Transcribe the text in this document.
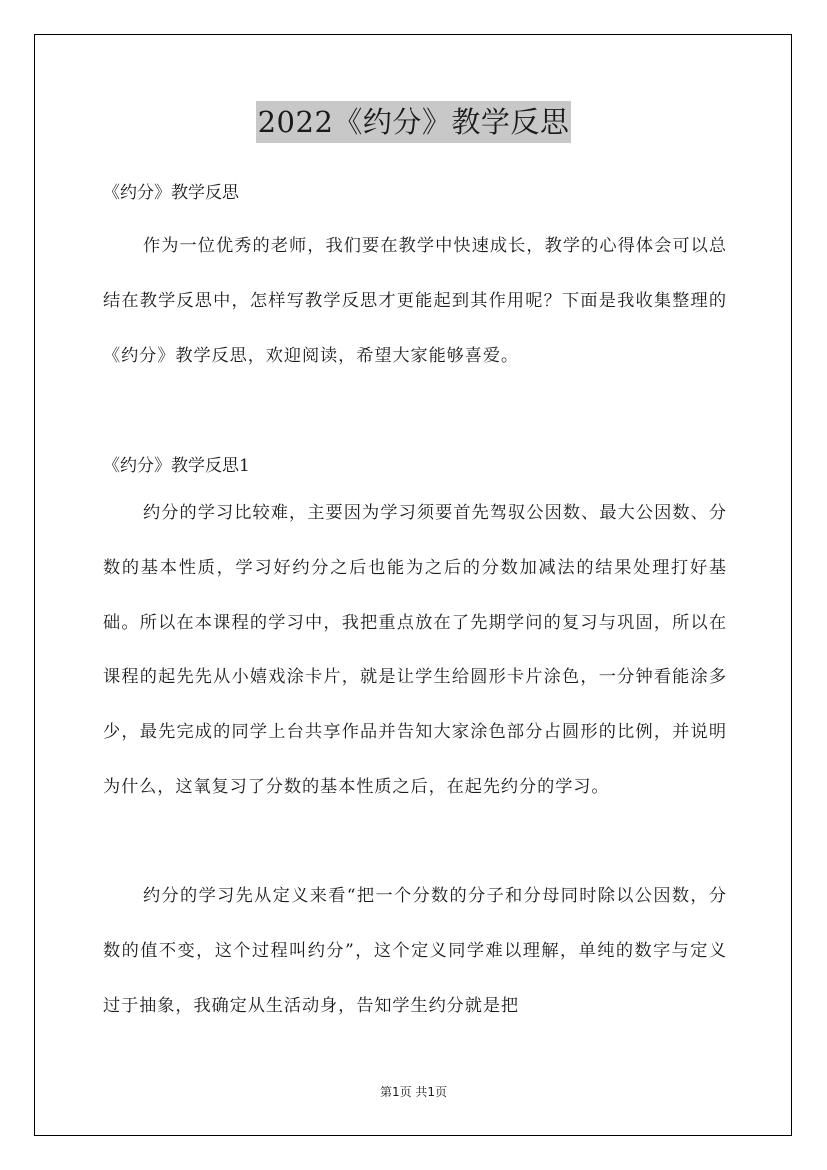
2022《约分》教学反思
《约分》教学反思

作为一位优秀的老师，我们要在教学中快速成长，教学的心得体会可以总结在教学反思中，怎样写教学反思才更能起到其作用呢？下面是我收集整理的《约分》教学反思，欢迎阅读，希望大家能够喜爱。

《约分》教学反思1

约分的学习比较难，主要因为学习须要首先驾驭公因数、最大公因数、分数的基本性质，学习好约分之后也能为之后的分数加减法的结果处理打好基础。所以在本课程的学习中，我把重点放在了先期学问的复习与巩固，所以在课程的起先先从小嬉戏涂卡片，就是让学生给圆形卡片涂色，一分钟看能涂多少，最先完成的同学上台共享作品并告知大家涂色部分占圆形的比例，并说明为什么，这氧复习了分数的基本性质之后，在起先约分的学习。

约分的学习先从定义来看“把一个分数的分子和分母同时除以公因数，分数的值不变，这个过程叫约分”，这个定义同学难以理解，单纯的数字与定义过于抽象，我确定从生活动身，告知学生约分就是把

第1页 共1页
